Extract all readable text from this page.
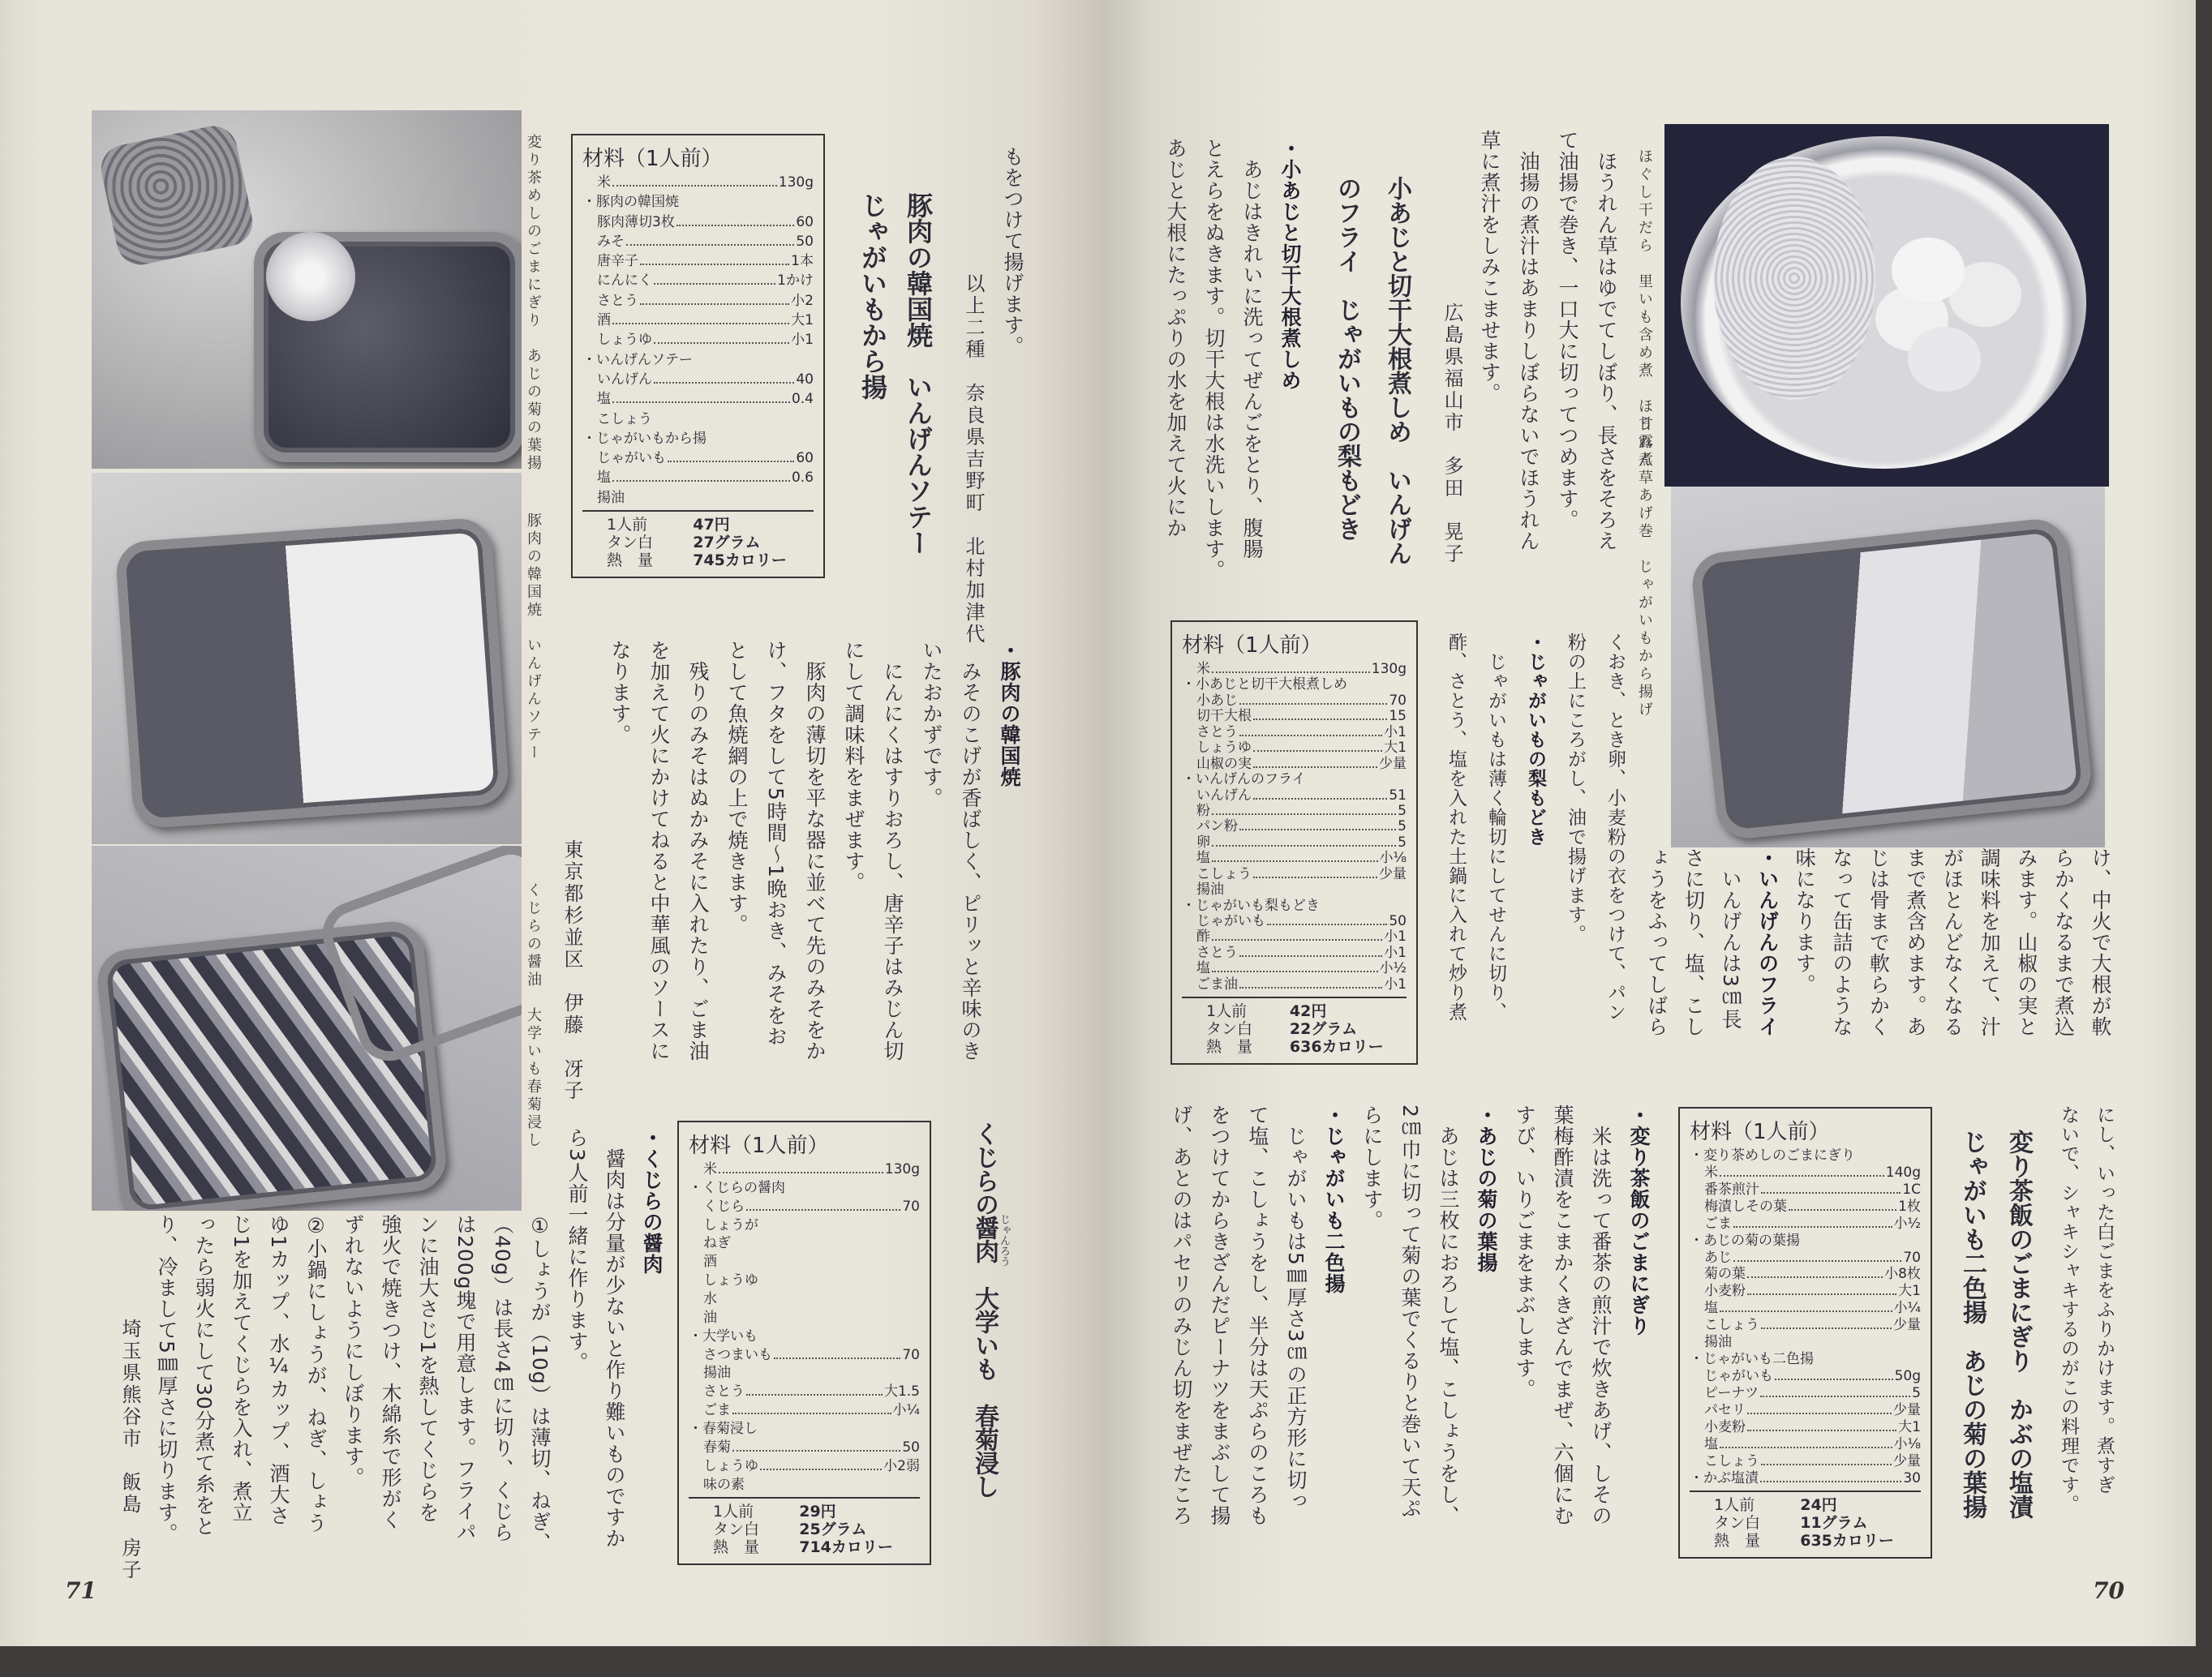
変り茶めしのごまにぎり　あじの菊の葉揚
豚肉の韓国焼　いんげんソテー
くじらの醤油　大学いも春菊浸し
材料（1人前）
米	130g
・ 豚肉の韓国焼
豚肉薄切3枚	60
みそ	50
唐辛子	1本
にんにく	1かけ
さとう	小2
酒	大1
しょうゆ	小1
・ いんげんソテー
いんげん	40
塩	0.4
こしょう
・ じゃがいもから揚
じゃがいも	60
塩	0.6
揚油
1人前	47円
タン白	27グラム
熱　量	745カロリー
もをつけて揚げます。
以上二種　奈良県吉野町　北村加津代
豚肉の韓国焼　いんげんソテー
じゃがいもから揚
・豚肉の韓国焼
　みそのこげが香ばしく、ピリッと辛味のき
いたおかずです。
　にんにくはすりおろし、唐辛子はみじん切
にして調味料をまぜます。
　豚肉の薄切を平な器に並べて先のみそをか
け、フタをして5時間〜1晩おき、みそをお
として魚焼網の上で焼きます。
　残りのみそはぬかみそに入れたり、ごま油
を加えて火にかけてねると中華風のソースに
なります。
東京都杉並区　伊藤　冴子
くじらの醤肉　大学いも　春菊浸し じゃんろう
材料（1人前）
米	130g
・ くじらの醤肉
くじら	70
しょうが
ねぎ
酒
しょうゆ
水
油
・ 大学いも
さつまいも	70
揚油
さとう	大1.5
ごま	小¼
・ 春菊浸し
春菊	50
しょうゆ	小2弱
味の素
1人前	29円
タン白	25グラム
熱　量	714カロリー
・くじらの醤肉
　醤肉は分量が少ないと作り難いものですか
ら3人前一緒に作ります。
①しょうが（10g）は薄切、ねぎ、
（40g）は長さ4㎝に切り、くじら
は200g塊で用意します。フライパ
ンに油大さじ1を熱してくじらを
強火で焼きつけ、木綿糸で形がく
ずれないようにしぼります。
②小鍋にしょうが、ねぎ、しょう
ゆ1カップ、水¼カップ、酒大さ
じ1を加えてくじらを入れ、煮立
ったら弱火にして30分煮て糸をと
り、冷まして5㎜厚さに切ります。
埼玉県熊谷市　飯島　房子
71
ほぐし干だら　里いも含め煮　ほうれん草
甘露煮　あげ巻　じゃがいもから揚げ
　ほうれん草はゆでてしぼり、長さをそろえ
て油揚で巻き、一口大に切ってつめます。
　油揚の煮汁はあまりしぼらないでほうれん
草に煮汁をしみこませます。
広島県福山市　多田　晃子
小あじと切干大根煮しめ　いんげん
のフライ　じゃがいもの梨もどき
・小あじと切干大根煮しめ
　あじはきれいに洗ってぜんごをとり、腹腸
とえらをぬきます。切干大根は水洗いします。
あじと大根にたっぷりの水を加えて火にか
け、中火で大根が軟
らかくなるまで煮込
みます。山椒の実と
調味料を加えて、汁
がほとんどなくなる
まで煮含めます。あ
じは骨まで軟らかく
なって缶詰のような
味になります。
・いんげんのフライ
　いんげんは3㎝長
さに切り、塩、こし
ょうをふってしばら
くおき、とき卵、小麦粉の衣をつけて、パン
粉の上にころがし、油で揚げます。
・じゃがいもの梨もどき
　じゃがいもは薄く輪切にしてせんに切り、
酢、さとう、塩を入れた土鍋に入れて炒り煮
材料（1人前）
米	130g
・ 小あじと切干大根煮しめ
小あじ	70
切干大根	15
さとう	小1
しょうゆ	大1
山椒の実	少量
・ いんげんのフライ
いんげん	51
粉	5
パン粉	5
卵	5
塩	小⅛
こしょう	少量
揚油
・ じゃがいも梨もどき
じゃがいも	50
酢	小1
さとう	小1
塩	小½
ごま油	小1
1人前	42円
タン白	22グラム
熱　量	636カロリー
にし、いった白ごまをふりかけます。煮すぎ
ないで、シャキシャキするのがこの料理です。
変り茶飯のごまにぎり　かぶの塩漬
じゃがいも二色揚　あじの菊の葉揚
材料（1人前）
・ 変り茶めしのごまにぎり
米	140g
番茶煎汁	1C
梅漬しその葉	1枚
ごま	小½
・ あじの菊の葉揚
あじ	70
菊の葉	小8枚
小麦粉	大1
塩	小¼
こしょう	少量
揚油
・ じゃがいも二色揚
じゃがいも	50g
ピーナツ	5
パセリ	少量
小麦粉	大1
塩	小⅛
こしょう	少量
・ かぶ塩漬	30
1人前	24円
タン白	11グラム
熱　量	635カロリー
・変り茶飯のごまにぎり
　米は洗って番茶の煎汁で炊きあげ、しその
葉梅酢漬をこまかくきざんでまぜ、六個にむ
すび、いりごまをまぶします。
・あじの菊の葉揚
　あじは三枚におろして塩、こしょうをし、
2㎝巾に切って菊の葉でくるりと巻いて天ぷ
らにします。
・じゃがいも二色揚
　じゃがいもは5㎜厚さ3㎝の正方形に切っ
て塩、こしょうをし、半分は天ぷらのころも
をつけてからきざんだピーナツをまぶして揚
げ、あとのはパセリのみじん切をまぜたころ
70
